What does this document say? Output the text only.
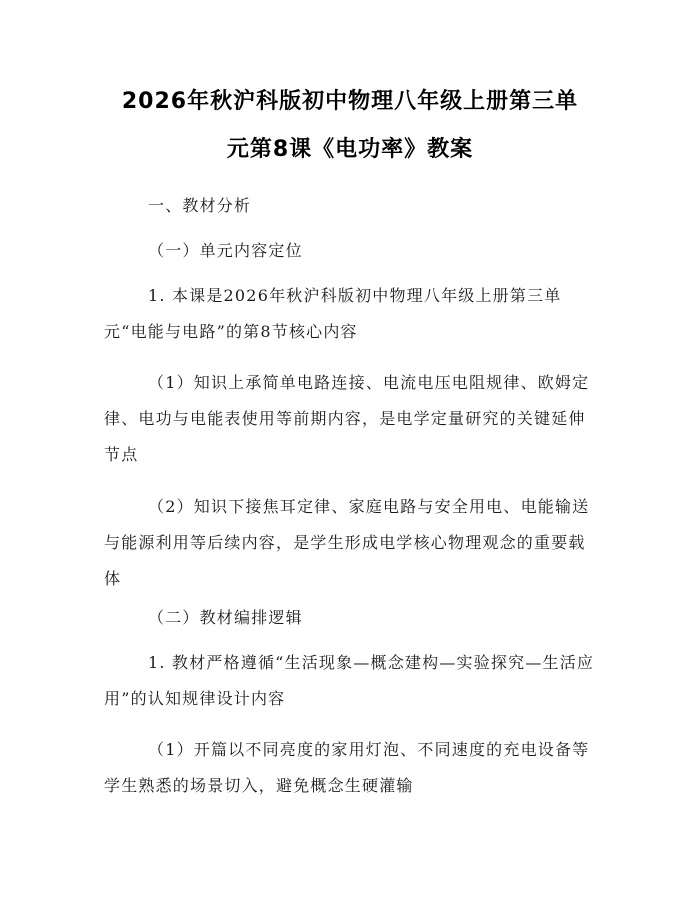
2026年秋沪科版初中物理八年级上册第三单
元第8课《电功率》教案
一、教材分析
（一）单元内容定位
1. 本课是2026年秋沪科版初中物理八年级上册第三单元“电能与电路”的第8节核心内容
（1）知识上承简单电路连接、电流电压电阻规律、欧姆定律、电功与电能表使用等前期内容，是电学定量研究的关键延伸节点
（2）知识下接焦耳定律、家庭电路与安全用电、电能输送与能源利用等后续内容，是学生形成电学核心物理观念的重要载体
（二）教材编排逻辑
1. 教材严格遵循“生活现象—概念建构—实验探究—生活应用”的认知规律设计内容
（1）开篇以不同亮度的家用灯泡、不同速度的充电设备等学生熟悉的场景切入，避免概念生硬灌输
